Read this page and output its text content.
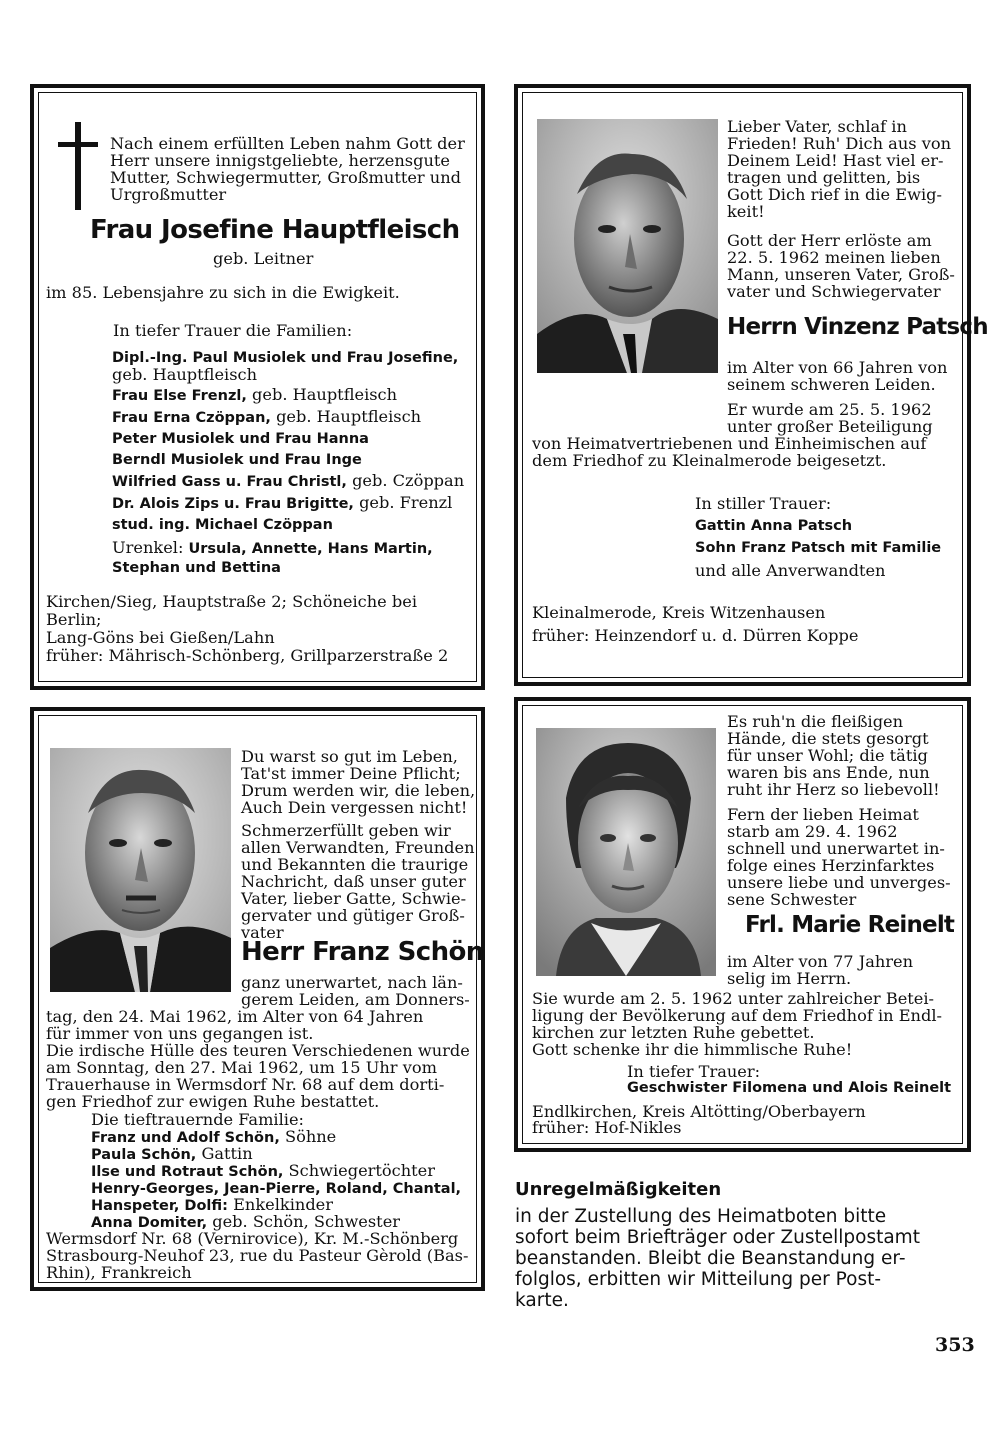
Nach einem erfüllten Leben nahm Gott der
Herr unsere innigstgeliebte, herzensgute
Mutter, Schwiegermutter, Großmutter und
Urgroßmutter
Frau Josefine Hauptfleisch
geb. Leitner
im 85. Lebensjahre zu sich in die Ewigkeit.
In tiefer Trauer die Familien:
Dipl.-Ing. Paul Musiolek und Frau Josefine,
geb. Hauptfleisch
Frau Else Frenzl, geb. Hauptfleisch
Frau Erna Czöppan, geb. Hauptfleisch
Peter Musiolek und Frau Hanna
Berndl Musiolek und Frau Inge
Wilfried Gass u. Frau Christl, geb. Czöppan
Dr. Alois Zips u. Frau Brigitte, geb. Frenzl
stud. ing. Michael Czöppan
Urenkel: Ursula, Annette, Hans Martin,
Stephan und Bettina
Kirchen/Sieg, Hauptstraße 2; Schöneiche bei Berlin;
Lang-Göns bei Gießen/Lahn
früher: Mährisch-Schönberg, Grillparzerstraße 2
Lieber Vater, schlaf in
Frieden! Ruh' Dich aus von
Deinem Leid! Hast viel er-
tragen und gelitten, bis
Gott Dich rief in die Ewig-
keit!
Gott der Herr erlöste am
22. 5. 1962 meinen lieben
Mann, unseren Vater, Groß-
vater und Schwiegervater
Herrn Vinzenz Patsch
im Alter von 66 Jahren von
seinem schweren Leiden.
Er wurde am 25. 5. 1962
unter großer Beteiligung
von Heimatvertriebenen und Einheimischen auf
dem Friedhof zu Kleinalmerode beigesetzt.
In stiller Trauer:
Gattin Anna Patsch
Sohn Franz Patsch mit Familie
und alle Anverwandten
Kleinalmerode, Kreis Witzenhausen
früher: Heinzendorf u. d. Dürren Koppe
Du warst so gut im Leben,
Tat'st immer Deine Pflicht;
Drum werden wir, die leben,
Auch Dein vergessen nicht!
Schmerzerfüllt geben wir
allen Verwandten, Freunden
und Bekannten die traurige
Nachricht, daß unser guter
Vater, lieber Gatte, Schwie-
gervater und gütiger Groß-
vater
Herr Franz Schön
ganz unerwartet, nach län-
gerem Leiden, am Donners-
tag, den 24. Mai 1962, im Alter von 64 Jahren
für immer von uns gegangen ist.
Die irdische Hülle des teuren Verschiedenen wurde
am Sonntag, den 27. Mai 1962, um 15 Uhr vom
Trauerhause in Wermsdorf Nr. 68 auf dem dorti-
gen Friedhof zur ewigen Ruhe bestattet.
Die tieftrauernde Familie:
Franz und Adolf Schön, Söhne
Paula Schön, Gattin
Ilse und Rotraut Schön, Schwiegertöchter
Henry-Georges, Jean-Pierre, Roland, Chantal,
Hanspeter, Dolfi: Enkelkinder
Anna Domiter, geb. Schön, Schwester
Wermsdorf Nr. 68 (Vernirovice), Kr. M.-Schönberg
Strasbourg-Neuhof 23, rue du Pasteur Gèrold (Bas-
Rhin), Frankreich
Es ruh'n die fleißigen
Hände, die stets gesorgt
für unser Wohl; die tätig
waren bis ans Ende, nun
ruht ihr Herz so liebevoll!
Fern der lieben Heimat
starb am 29. 4. 1962
schnell und unerwartet in-
folge eines Herzinfarktes
unsere liebe und unverges-
sene Schwester
Frl. Marie Reinelt
im Alter von 77 Jahren
selig im Herrn.
Sie wurde am 2. 5. 1962 unter zahlreicher Betei-
ligung der Bevölkerung auf dem Friedhof in Endl-
kirchen zur letzten Ruhe gebettet.
Gott schenke ihr die himmlische Ruhe!
In tiefer Trauer:
Geschwister Filomena und Alois Reinelt
Endlkirchen, Kreis Altötting/Oberbayern
früher: Hof-Nikles
Unregelmäßigkeiten
in der Zustellung des Heimatboten bitte
sofort beim Briefträger oder Zustellpostamt
beanstanden. Bleibt die Beanstandung er-
folglos, erbitten wir Mitteilung per Post-
karte.
353
